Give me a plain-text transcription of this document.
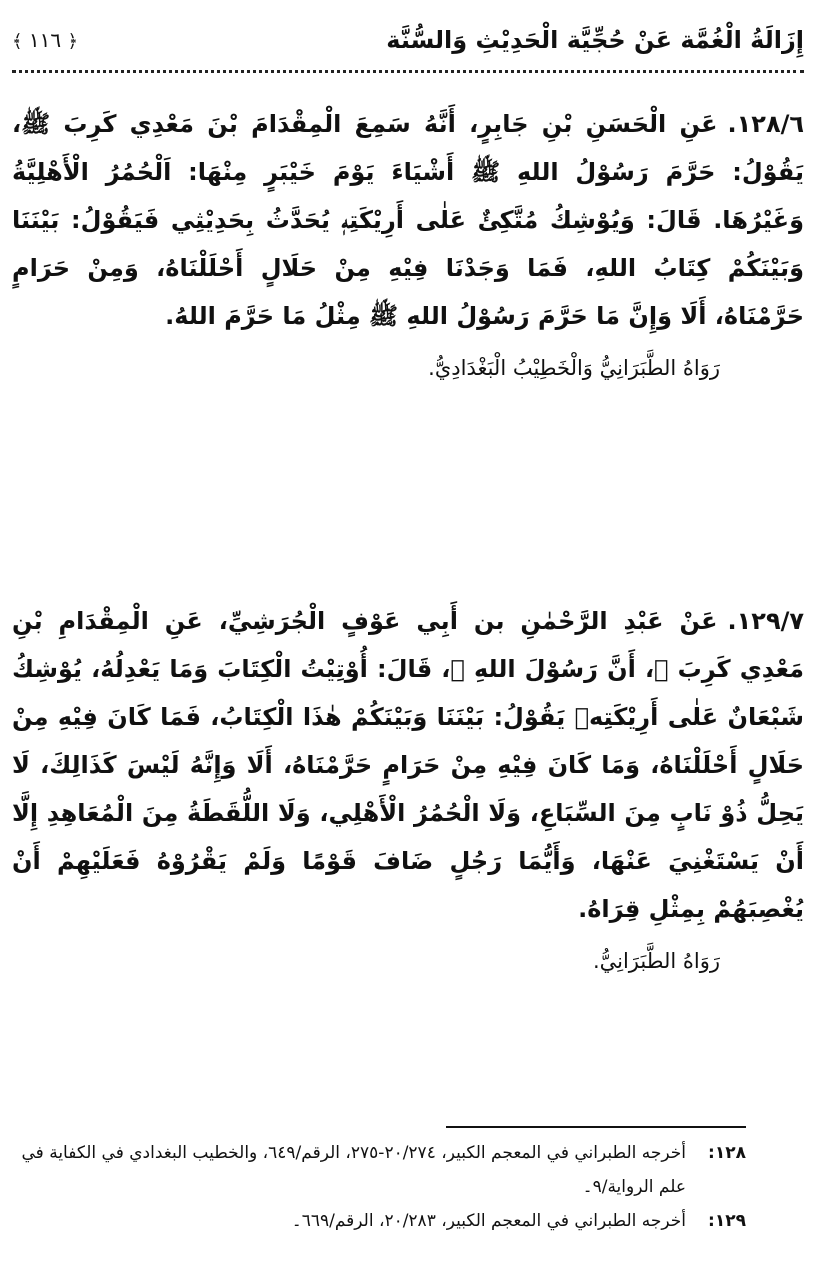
إِزَالَةُ الْغُمَّة عَنْ حُجِّيَّة الْحَدِيْثِ وَالسُّنَّة
﴿ ١١٦ ﴾

١٢٨/٦.عَنِ الْحَسَنِ بْنِ جَابِرٍ، أَنَّهُ سَمِعَ الْمِقْدَامَ بْنَ مَعْدِي كَرِبَ ﷺ، يَقُوْلُ: حَرَّمَ رَسُوْلُ اللهِ ﷺ أَشْيَاءَ يَوْمَ خَيْبَرٍ مِنْهَا: اَلْحُمُرُ الْأَهْلِيَّةُ وَغَيْرُهَا. قَالَ: وَيُوْشِكُ مُتَّكِئٌ عَلٰى أَرِيْكَتِهٖ يُحَدَّثُ بِحَدِيْثِي فَيَقُوْلُ: بَيْنَنَا وَبَيْنَكُمْ كِتَابُ اللهِ، فَمَا وَجَدْنَا فِيْهِ مِنْ حَلَالٍ أَحْلَلْنَاهُ، وَمِنْ حَرَامٍ حَرَّمْنَاهُ، أَلَا وَإِنَّ مَا حَرَّمَ رَسُوْلُ اللهِ ﷺ مِثْلُ مَا حَرَّمَ اللهُ.

رَوَاهُ الطَّبَرَانِيُّ وَالْخَطِيْبُ الْبَغْدَادِيُّ.

١٢٩/٧.عَنْ عَبْدِ الرَّحْمٰنِ بن أَبِي عَوْفٍ الْجُرَشِيِّ، عَنِ الْمِقْدَامِ بْنِ مَعْدِي كَرِبَ ﷺ، أَنَّ رَسُوْلَ اللهِ ﷺ، قَالَ: أُوْتِيْتُ الْكِتَابَ وَمَا يَعْدِلُهُ، يُوْشِكُ شَبْعَانٌ عَلٰى أَرِيْكَتِهٖ يَقُوْلُ: بَيْنَنَا وَبَيْنَكُمْ هٰذَا الْكِتَابُ، فَمَا كَانَ فِيْهِ مِنْ حَلَالٍ أَحْلَلْنَاهُ، وَمَا كَانَ فِيْهِ مِنْ حَرَامٍ حَرَّمْنَاهُ، أَلَا وَإِنَّهُ لَيْسَ كَذَالِكَ، لَا يَحِلُّ ذُوْ نَابٍ مِنَ السِّبَاعِ، وَلَا الْحُمُرُ الْأَهْلِي، وَلَا اللُّقَطَةُ مِنَ الْمُعَاهِدِ إِلَّا أَنْ يَسْتَغْنِيَ عَنْهَا، وَأَيُّمَا رَجُلٍ ضَافَ قَوْمًا وَلَمْ يَقْرُوْهُ فَعَلَيْهِمْ أَنْ يُغْصِبَهُمْ بِمِثْلِ قِرَاهُ.

رَوَاهُ الطَّبَرَانِيُّ.
١٢٨:
أخرجه الطبراني في المعجم الكبير، ٢٠/٢٧٤-٢٧٥، الرقم/٦٤٩، والخطيب البغدادي في الكفاية في علم الرواية/٩۔
١٢٩:
أخرجه الطبراني في المعجم الكبير، ٢٠/٢٨٣، الرقم/٦٦٩۔
